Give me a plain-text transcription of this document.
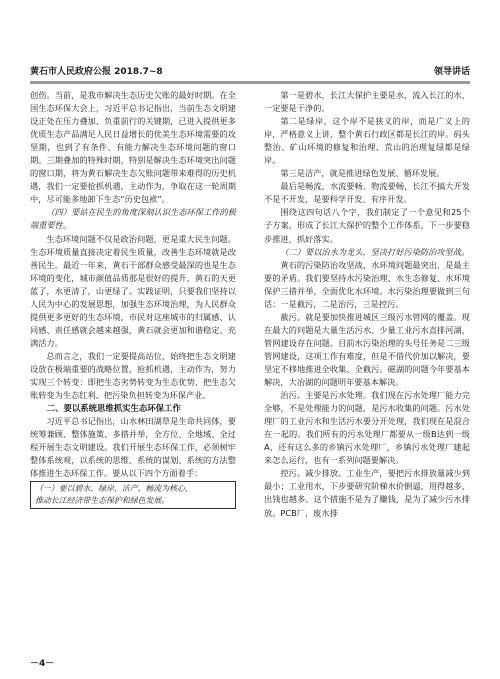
黄石市人民政府公报 2018.7~8	领导讲话

创伤。当前，是我市解决生态历史欠账的最好时期。在全国生态环保大会上，习近平总书记指出，当前生态文明建设正处在压力叠加、负重前行的关键期，已进入提供更多优质生态产品满足人民日益增长的优美生态环境需要的攻坚期，也到了有条件、有能力解决生态环境问题的窗口期。三期叠加的特殊时期，特别是解决生态环境突出问题的窗口期，将为黄石解决生态欠账问题带来难得的历史机遇，我们一定要抢抓机遇，主动作为，争取在这一轮周期中，尽可能多地卸下生态“历史包袱”。

（四）要站在民生的角度深刻认识生态环保工作的极端重要性。

生态环境问题不仅是政治问题，更是重大民生问题。生态环境质量直接决定着民生质量，改善生态环境就是改善民生。最近一年来，黄石干部群众感受最深的也是生态环境的变化，城市颜值品质那是很好的提升，黄石的天更蓝了，水更清了，山更绿了。实践证明，只要我们坚持以人民为中心的发展思想，加强生态环境治理，为人民群众提供更多更好的生态环境，市民对这座城市的归属感、认同感、责任感就会越来越强，黄石就会更加和谐稳定、充满活力。

总而言之，我们一定要提高站位，始终把生态文明建设放在极端重要的战略位置，抢抓机遇，主动作为，努力实现三个转变：即把生态劣势转变为生态优势、把生态欠账转变为生态红利、把污染负担转变为环保产业。

二、要以系统思维抓实生态环保工作

习近平总书记指出，山水林田湖草是生命共同体，要统筹兼顾、整体施策、多措并举，全方位、全地域、全过程开展生态文明建设。我们开展生态环保工作，必须树牢整体系统观，以系统的思维、系统的谋划、系统的方法整体推进生态环保工作。要从以下四个方面着手：

（一）要以碧水、绿岸、洁产、畅流为核心，
推动长江经济带生态保护和绿色发展。

第一是碧水，长江大保护主要是水，流入长江的水，一定要是干净的。

第二是绿岸，这个岸不是狭义的岸，而是广义上的岸，严格意义上讲，整个黄石行政区都是长江的岸。码头整治、矿山环境的修复和治理、荒山的治理复绿都是绿岸。

第三是洁产，就是推进绿色发展、循环发展。

最后是畅流，水流要畅、物流要畅，长江不搞大开发不是不开发，是要科学开发、有序开发。

围绕这四句话八个字，我们制定了一个意见和25个子方案，形成了长江大保护的整个工作体系，下一步要稳步推进，抓好落实。

（二）要以治水为龙头，坚决打好污染防治攻坚战。

黄石的污染防治攻坚战，水环境问题最突出，是最主要的矛盾。我们要坚持水污染治理、水生态修复、水环境保护三措并举，全面优化水环境。水污染治理要做到三句话：一是截污，二是治污，三是控污。

截污。就是要加快推进城区三级污水管网的覆盖。现在最大的问题是大量生活污水、少量工业污水直排河湖，管网建设存在问题。目前水污染治理的头号任务是二三级管网建设，这项工作有难度，但是不借代价加以解决，要坚定不移地推进全收集、全截污。磁湖的问题今年要基本解决，大冶湖的问题明年要基本解决。

治污。主要是污水处理。我们现在污水处理厂能力完全够，不是处理能力的问题，是污水收集的问题。污水处理厂的工业污水和生活污水要分开处理，我们现在是混合在一起的。我们所有的污水处理厂都要从一级B达到一级A，还有这么多的乡镇污水处理厂，乡镇污水处理厂建起来怎么运行，也有一系列问题要解决。

控污。减少排放。工业生产，要把污水排放量减少到最小；工业用水，下步要研究阶梯水价倒逼，用得越多，出钱也越多。这个措施不是为了赚钱，是为了减少污水排放。PCB厂，废水排

－4－
